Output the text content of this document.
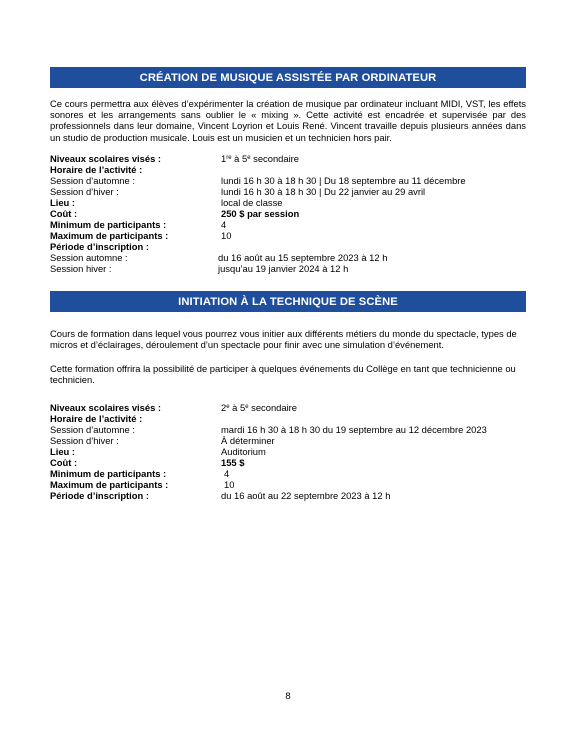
CRÉATION DE MUSIQUE ASSISTÉE PAR ORDINATEUR

Ce cours permettra aux élèves d’expérimenter la création de musique par ordinateur incluant MIDI, VST, les effets sonores et les arrangements sans oublier le « mixing ». Cette activité est encadrée et supervisée par des professionnels dans leur domaine, Vincent Loyrion et Louis René. Vincent travaille depuis plusieurs années dans un studio de production musicale. Louis est un musicien et un technicien hors pair.

Niveaux scolaires visés :	1re à 5e secondaire
Horaire de l’activité :
Session d’automne :	lundi 16 h 30 à 18 h 30 | Du 18 septembre au 11 décembre
Session d’hiver :	lundi 16 h 30 à 18 h 30 | Du 22 janvier au 29 avril
Lieu :	local de classe
Coût :	250 $ par session
Minimum de participants :	4
Maximum de participants :	10
Période d’inscription :
Session automne :	du 16 août au 15 septembre 2023 à 12 h
Session hiver :	jusqu’au 19 janvier 2024 à 12 h
INITIATION À LA TECHNIQUE DE SCÈNE

Cours de formation dans lequel vous pourrez vous initier aux différents métiers du monde du spectacle, types de micros et d’éclairages, déroulement d’un spectacle pour finir avec une simulation d’événement.

Cette formation offrira la possibilité de participer à quelques événements du Collège en tant que technicienne ou technicien.

Niveaux scolaires visés :	2e à 5e secondaire
Horaire de l’activité :
Session d’automne :	mardi 16 h 30 à 18 h 30 du 19 septembre au 12 décembre 2023
Session d’hiver :	À déterminer
Lieu :	Auditorium
Coût :	155 $
Minimum de participants :	4
Maximum de participants :	10
Période d’inscription :	du 16 août au 22 septembre 2023 à 12 h
8
